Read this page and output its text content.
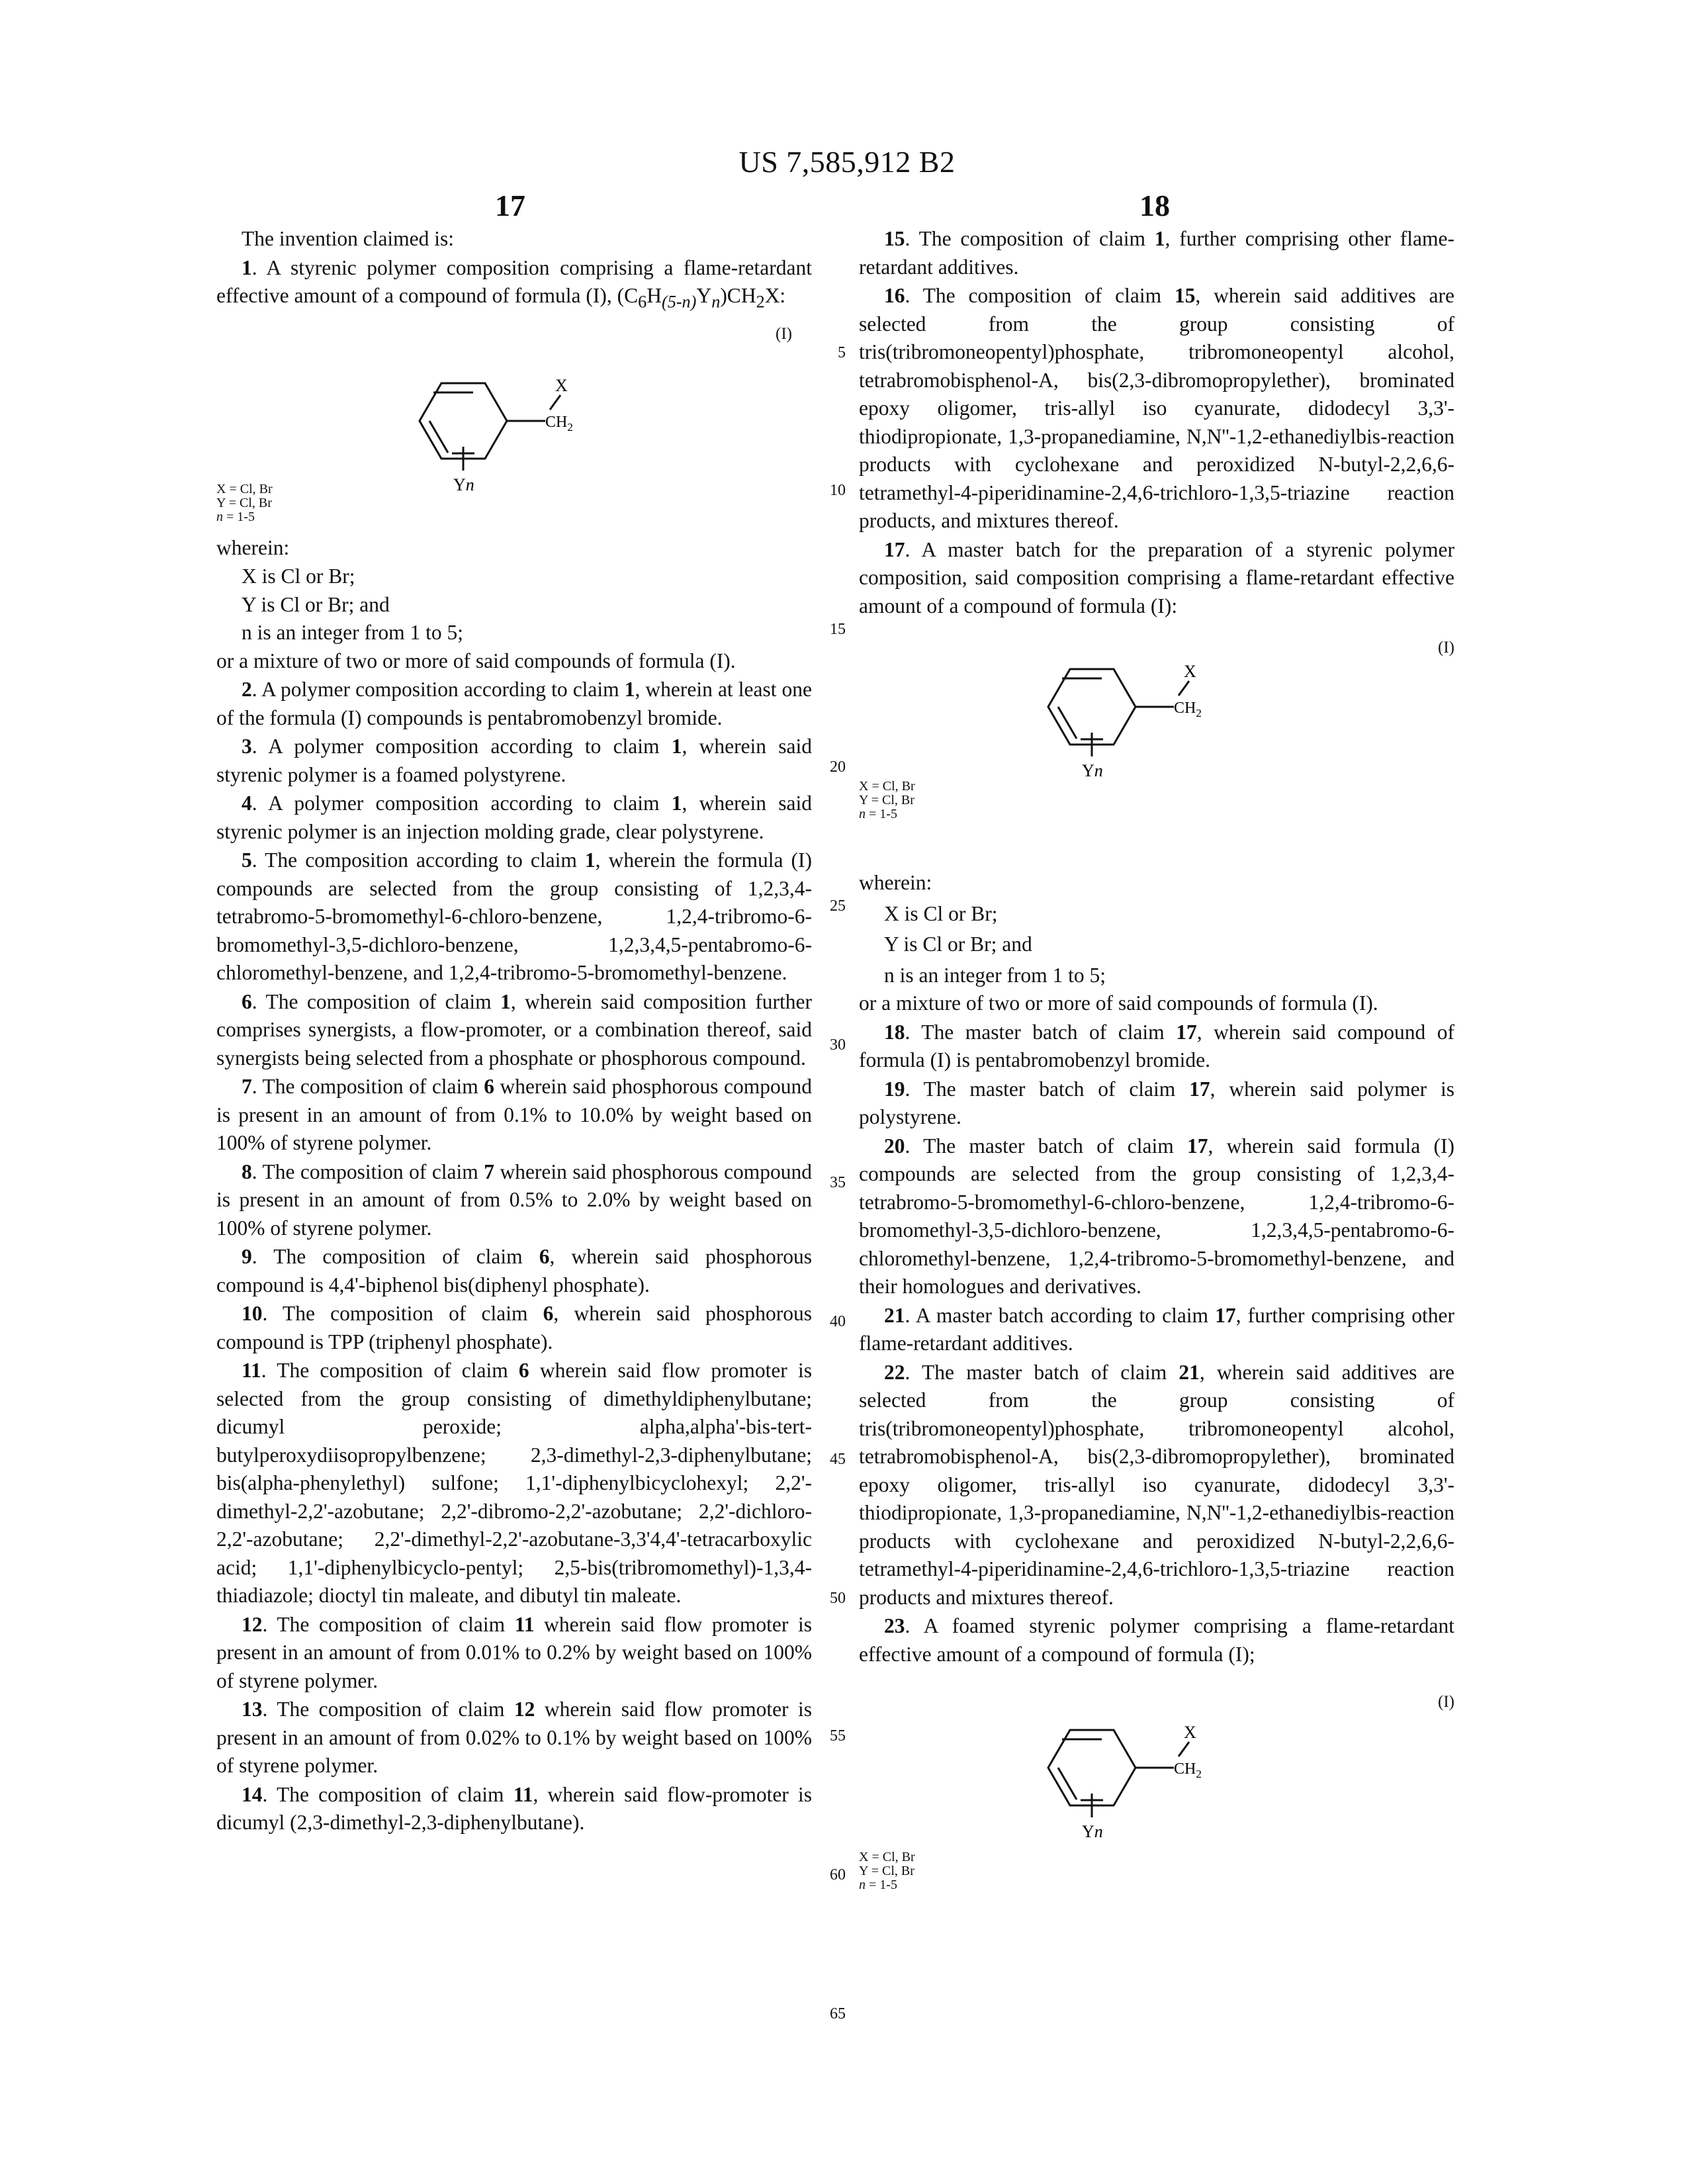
US 7,585,912 B2
17	18

The invention claimed is:

1. A styrenic polymer composition comprising a flame-retardant effective amount of a compound of formula (I), $(C_6H_{(5-n)}Y_n)CH_2X$:

(I)
X
$CH_2$
Yn
X = Cl, Br
Y = Cl, Br
n = 1-5

wherein:

X is Cl or Br;

Y is Cl or Br; and

n is an integer from 1 to 5;

or a mixture of two or more of said compounds of formula (I).

2. A polymer composition according to claim 1, wherein at least one of the formula (I) compounds is pentabromobenzyl bromide.

3. A polymer composition according to claim 1, wherein said styrenic polymer is a foamed polystyrene.

4. A polymer composition according to claim 1, wherein said styrenic polymer is an injection molding grade, clear polystyrene.

5. The composition according to claim 1, wherein the formula (I) compounds are selected from the group consisting of 1,2,3,4-tetrabromo-5-bromomethyl-6-chloro-benzene, 1,2,4-tribromo-6-bromomethyl-3,5-dichloro-benzene, 1,2,3,4,5-pentabromo-6-chloromethyl-benzene, and 1,2,4-tribromo-5-bromomethyl-benzene.

6. The composition of claim 1, wherein said composition further comprises synergists, a flow-promoter, or a combination thereof, said synergists being selected from a phosphate or phosphorous compound.

7. The composition of claim 6 wherein said phosphorous compound is present in an amount of from 0.1% to 10.0% by weight based on 100% of styrene polymer.

8. The composition of claim 7 wherein said phosphorous compound is present in an amount of from 0.5% to 2.0% by weight based on 100% of styrene polymer.

9. The composition of claim 6, wherein said phosphorous compound is 4,4'-biphenol bis(diphenyl phosphate).

10. The composition of claim 6, wherein said phosphorous compound is TPP (triphenyl phosphate).

11. The composition of claim 6 wherein said flow promoter is selected from the group consisting of dimethyldiphenylbutane; dicumyl peroxide; alpha,alpha'-bis-tert-butylperoxydiisopropylbenzene; 2,3-dimethyl-2,3-diphenylbutane; bis(alpha-phenylethyl) sulfone; 1,1'-diphenylbicyclohexyl; 2,2'-dimethyl-2,2'-azobutane; 2,2'-dibromo-2,2'-azobutane; 2,2'-dichloro-2,2'-azobutane; 2,2'-dimethyl-2,2'-azobutane-3,3'4,4'-tetracarboxylic acid; 1,1'-diphenylbicyclo-pentyl; 2,5-bis(tribromomethyl)-1,3,4-thiadiazole; dioctyl tin maleate, and dibutyl tin maleate.

12. The composition of claim 11 wherein said flow promoter is present in an amount of from 0.01% to 0.2% by weight based on 100% of styrene polymer.

13. The composition of claim 12 wherein said flow promoter is present in an amount of from 0.02% to 0.1% by weight based on 100% of styrene polymer.

14. The composition of claim 11, wherein said flow-promoter is dicumyl (2,3-dimethyl-2,3-diphenylbutane).

5
10
15
20
25
30
35
40
45
50
55
60
65

15. The composition of claim 1, further comprising other flame-retardant additives.

16. The composition of claim 15, wherein said additives are selected from the group consisting of tris(tribromoneopentyl)phosphate, tribromoneopentyl alcohol, tetrabromobisphenol-A, bis(2,3-dibromopropylether), brominated epoxy oligomer, tris-allyl iso cyanurate, didodecyl 3,3'-thiodipropionate, 1,3-propanediamine, N,N''-1,2-ethanediylbis-reaction products with cyclohexane and peroxidized N-butyl-2,2,6,6-tetramethyl-4-piperidinamine-2,4,6-trichloro-1,3,5-triazine reaction products, and mixtures thereof.

17. A master batch for the preparation of a styrenic polymer composition, said composition comprising a flame-retardant effective amount of a compound of formula (I):

(I)
X
$CH_2$
Yn
X = Cl, Br
Y = Cl, Br
n = 1-5

wherein:

X is Cl or Br;

Y is Cl or Br; and

n is an integer from 1 to 5;

or a mixture of two or more of said compounds of formula (I).

18. The master batch of claim 17, wherein said compound of formula (I) is pentabromobenzyl bromide.

19. The master batch of claim 17, wherein said polymer is polystyrene.

20. The master batch of claim 17, wherein said formula (I) compounds are selected from the group consisting of 1,2,3,4-tetrabromo-5-bromomethyl-6-chloro-benzene, 1,2,4-tribromo-6-bromomethyl-3,5-dichloro-benzene, 1,2,3,4,5-pentabromo-6-chloromethyl-benzene, 1,2,4-tribromo-5-bromomethyl-benzene, and their homologues and derivatives.

21. A master batch according to claim 17, further comprising other flame-retardant additives.

22. The master batch of claim 21, wherein said additives are selected from the group consisting of tris(tribromoneopentyl)phosphate, tribromoneopentyl alcohol, tetrabromobisphenol-A, bis(2,3-dibromopropylether), brominated epoxy oligomer, tris-allyl iso cyanurate, didodecyl 3,3'-thiodipropionate, 1,3-propanediamine, N,N''-1,2-ethanediylbis-reaction products with cyclohexane and peroxidized N-butyl-2,2,6,6-tetramethyl-4-piperidinamine-2,4,6-trichloro-1,3,5-triazine reaction products and mixtures thereof.

23. A foamed styrenic polymer comprising a flame-retardant effective amount of a compound of formula (I);

(I)
X
$CH_2$
Yn
X = Cl, Br
Y = Cl, Br
n = 1-5
